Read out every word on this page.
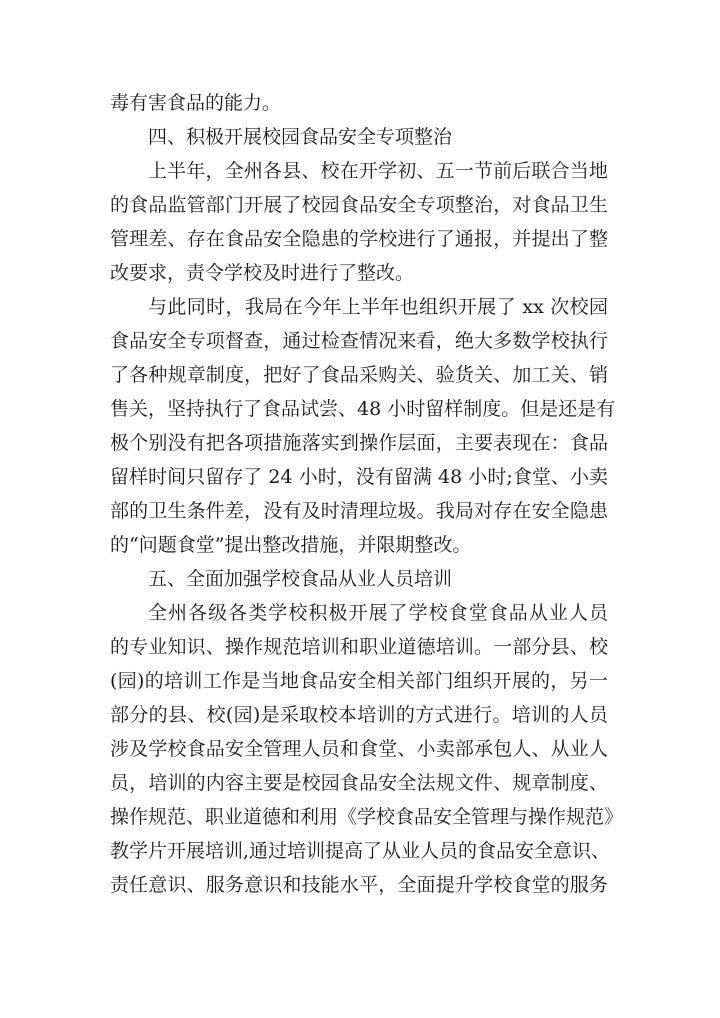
毒有害食品的能力。
四、积极开展校园食品安全专项整治
上半年，全州各县、校在开学初、五一节前后联合当地
的食品监管部门开展了校园食品安全专项整治，对食品卫生
管理差、存在食品安全隐患的学校进行了通报，并提出了整
改要求，责令学校及时进行了整改。
与此同时，我局在今年上半年也组织开展了 xx 次校园
食品安全专项督查，通过检查情况来看，绝大多数学校执行
了各种规章制度，把好了食品采购关、验货关、加工关、销
售关，坚持执行了食品试尝、48 小时留样制度。但是还是有
极个别没有把各项措施落实到操作层面，主要表现在：食品
留样时间只留存了 24 小时，没有留满 48 小时;食堂、小卖
部的卫生条件差，没有及时清理垃圾。我局对存在安全隐患
的“问题食堂”提出整改措施，并限期整改。
五、全面加强学校食品从业人员培训
全州各级各类学校积极开展了学校食堂食品从业人员
的专业知识、操作规范培训和职业道德培训。一部分县、校
(园)的培训工作是当地食品安全相关部门组织开展的，另一
部分的县、校(园)是采取校本培训的方式进行。培训的人员
涉及学校食品安全管理人员和食堂、小卖部承包人、从业人
员，培训的内容主要是校园食品安全法规文件、规章制度、
操作规范、职业道德和利用《学校食品安全管理与操作规范》
教学片开展培训,通过培训提高了从业人员的食品安全意识、
责任意识、服务意识和技能水平，全面提升学校食堂的服务
